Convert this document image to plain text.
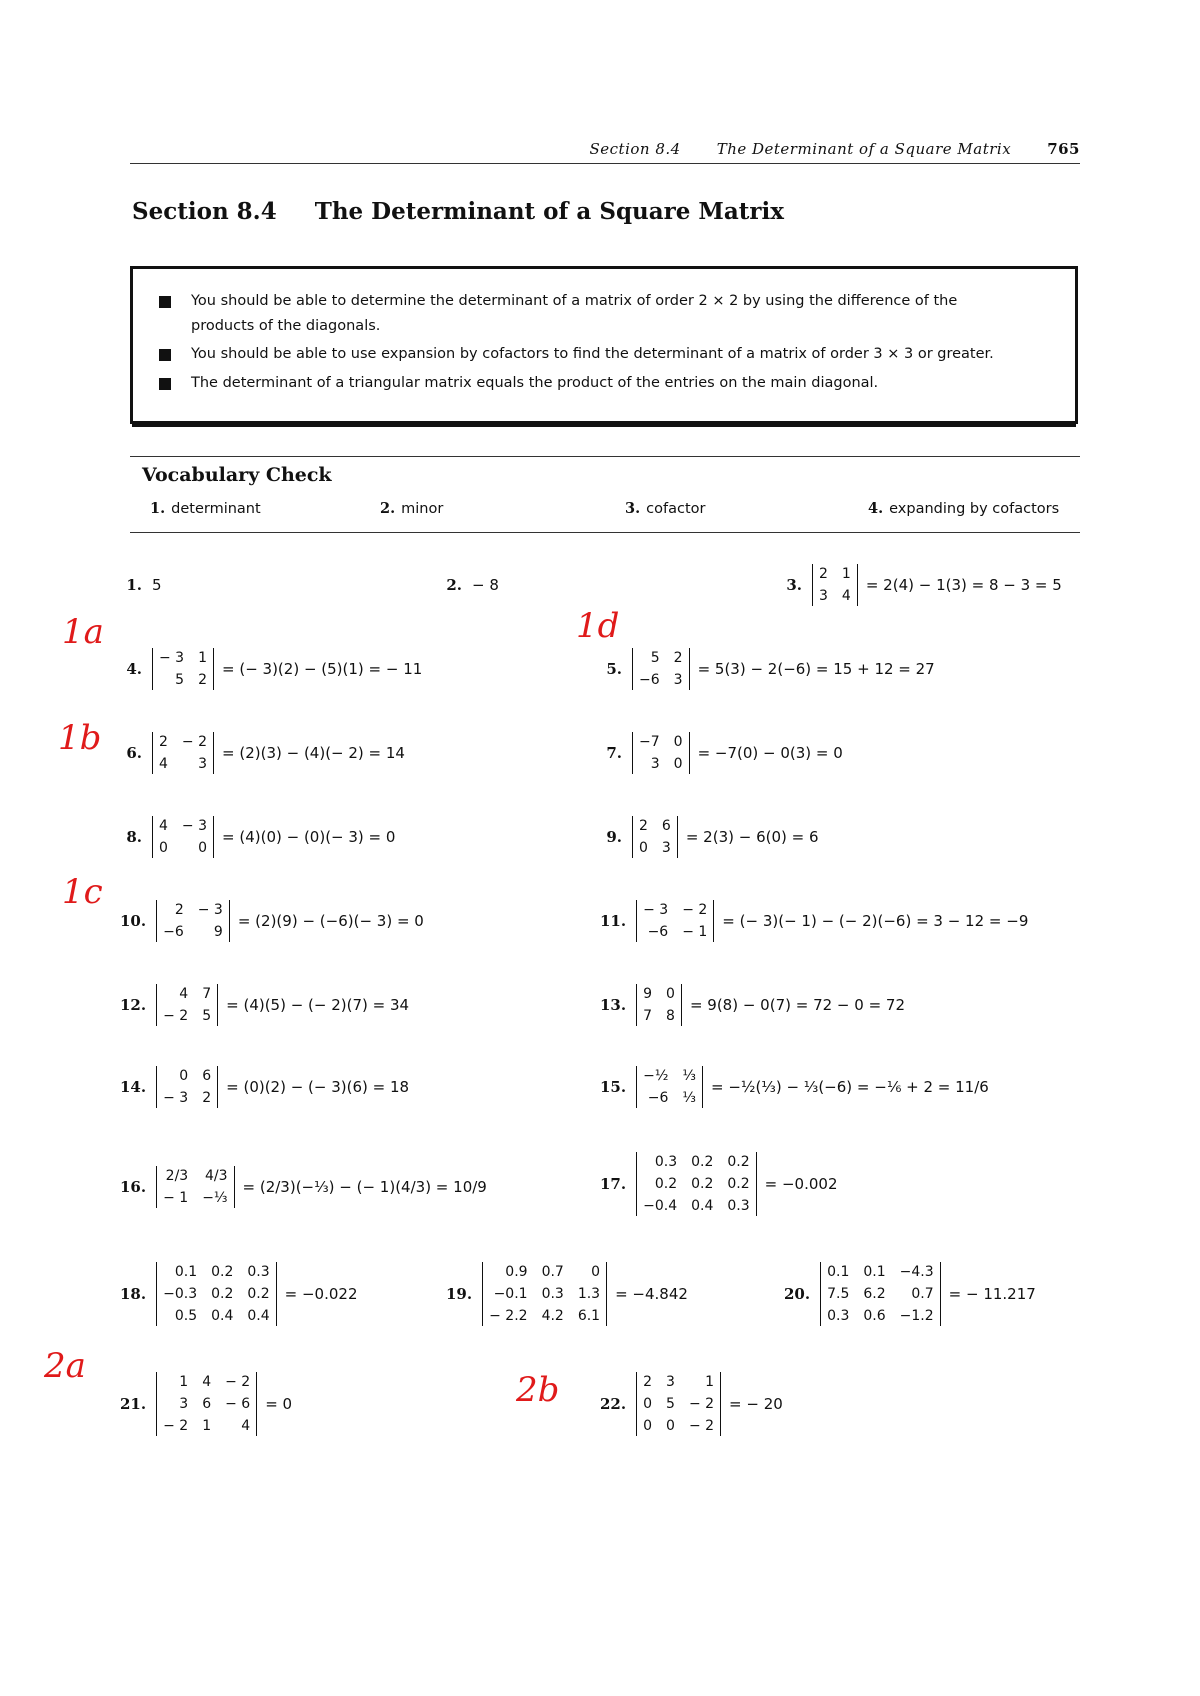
Section 8.4 The Determinant of a Square Matrix 765
Section 8.4 The Determinant of a Square Matrix
You should be able to determine the determinant of a matrix of order 2 × 2 by using the difference of the products of the diagonals.
You should be able to use expansion by cofactors to find the determinant of a matrix of order 3 × 3 or greater.
The determinant of a triangular matrix equals the product of the entries on the main diagonal.
Vocabulary Check
1. determinant	2. minor	3. cofactor	4. expanding by cofactors
1. 5	2. − 8	3.
2 1
3 4
= 2(4) − 1(3) = 8 − 3 = 5
4.
− 3 1
5 2
= (− 3)(2) − (5)(1) = − 11	5.
5 2
−6 3
= 5(3) − 2(−6) = 15 + 12 = 27
6.
2 − 2
4	3
= (2)(3) − (4)(− 2) = 14	7.
−7 0
3 0
= −7(0) − 0(3) = 0
8.
4 − 3
0	0
= (4)(0) − (0)(− 3) = 0	9.
2 6
0 3
= 2(3) − 6(0) = 6
10.
2 − 3
−6	9
= (2)(9) − (−6)(− 3) = 0	11.
− 3 − 2
−6 − 1
= (− 3)(− 1) − (− 2)(−6) = 3 − 12 = −9
12.
4 7
− 2 5
= (4)(5) − (− 2)(7) = 34	13.
9 0
7 8
= 9(8) − 0(7) = 72 − 0 = 72
14.
0 6
− 3 2
= (0)(2) − (− 3)(6) = 18	15.
−½ ⅓
−6 ⅓
= −½(⅓) − ⅓(−6) = −⅙ + 2 = 11/6
16.
2/3 4/3
− 1 −⅓
= (2/3)(−⅓) − (− 1)(4/3) = 10/9	17.
0.3 0.2 0.2
0.2 0.2 0.2
−0.4 0.4 0.3
= −0.002
18.
0.1 0.2 0.3
−0.3 0.2 0.2
0.5 0.4 0.4
= −0.022	19.
0.9 0.7	0
−0.1 0.3 1.3
− 2.2 4.2 6.1
= −4.842	20.
0.1 0.1 −4.3
7.5 6.2	0.7
0.3 0.6 −1.2
= − 11.217
21.
1 4 − 2
3 6 − 6
− 2 1	4
= 0	22.
2 3	1
0 5 − 2
0 0 − 2
= − 20
1a	1d
1b
1c
2a
2b
